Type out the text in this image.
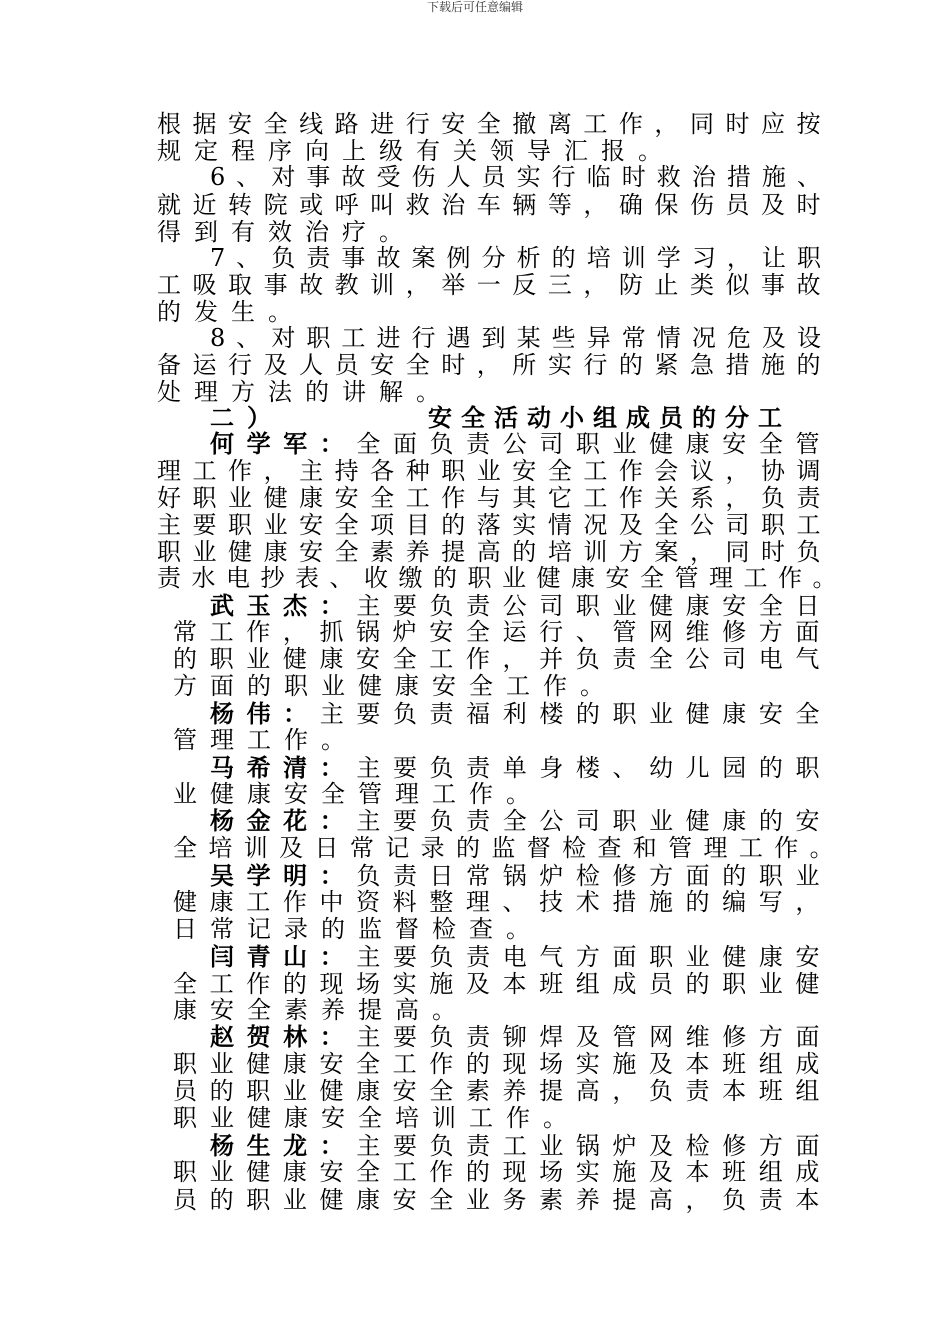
下载后可任意编辑
根据安全线路进行安全撤离工作，同时应按
规定程序向上级有关领导汇报。
6、对事故受伤人员实行临时救治措施、
就近转院或呼叫救治车辆等，确保伤员及时
得到有效治疗。
7、负责事故案例分析的培训学习，让职
工吸取事故教训，举一反三，防止类似事故
的发生。
8、对职工进行遇到某些异常情况危及设
备运行及人员安全时，所实行的紧急措施的
处理方法的讲解。
二）	安全活动小组成员的分工
何学军：全面负责公司职业健康安全管
理工作，主持各种职业安全工作会议，协调
好职业健康安全工作与其它工作关系，负责
主要职业安全项目的落实情况及全公司职工
职业健康安全素养提高的培训方案，同时负
责水电抄表、收缴的职业健康安全管理工作。
武玉杰：主要负责公司职业健康安全日
常工作，抓锅炉安全运行、管网维修方面
的职业健康安全工作，并负责全公司电气
方面的职业健康安全工作。
杨伟：主要负责福利楼的职业健康安全
管理工作。
马希清：主要负责单身楼、幼儿园的职
业健康安全管理工作。
杨金花：主要负责全公司职业健康的安
全培训及日常记录的监督检查和管理工作。
吴学明：负责日常锅炉检修方面的职业
健康工作中资料整理、技术措施的编写，
日常记录的监督检查。
闫青山：主要负责电气方面职业健康安
全工作的现场实施及本班组成员的职业健
康安全素养提高。
赵贺林：主要负责铆焊及管网维修方面
职业健康安全工作的现场实施及本班组成
员的职业健康安全素养提高，负责本班组
职业健康安全培训工作。
杨生龙：主要负责工业锅炉及检修方面
职业健康安全工作的现场实施及本班组成
员的职业健康安全业务素养提高，负责本
